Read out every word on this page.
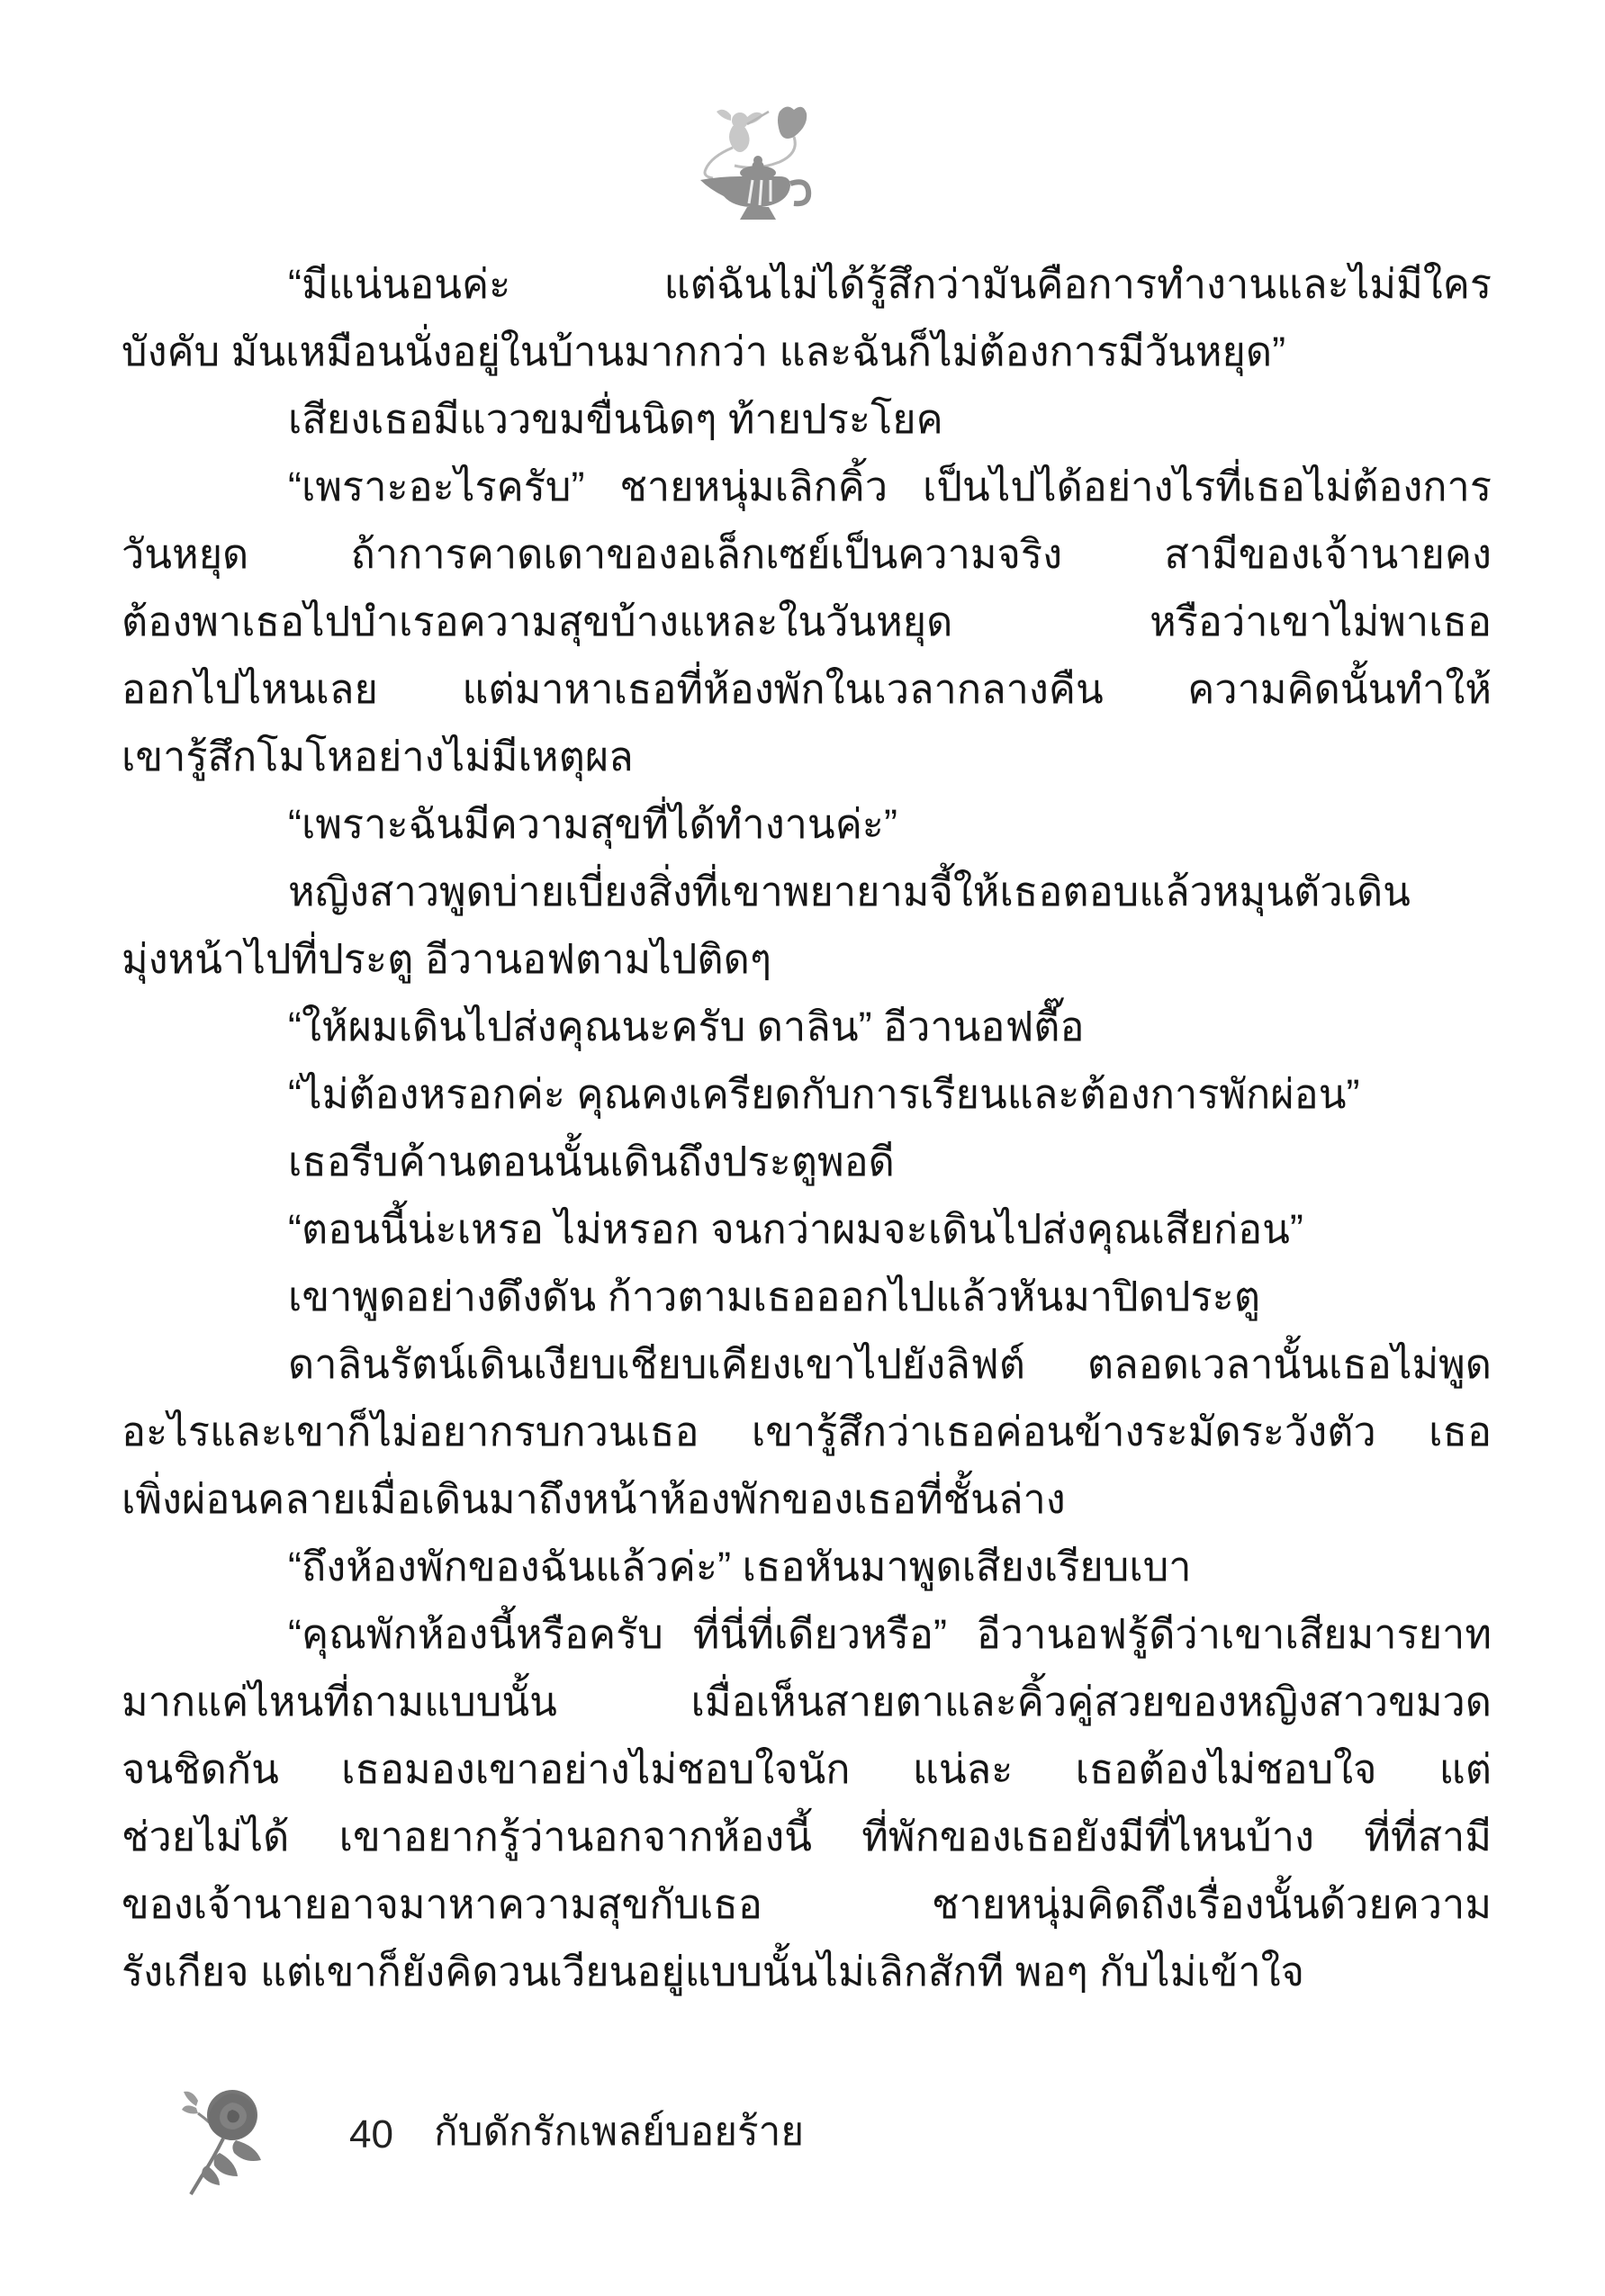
“มีแน่นอนค่ะ แต่ฉันไม่ได้รู้สึกว่ามันคือการทำงานและไม่มีใคร
บังคับ มันเหมือนนั่งอยู่ในบ้านมากกว่า และฉันก็ไม่ต้องการมีวันหยุด”
เสียงเธอมีแววขมขื่นนิดๆ ท้ายประโยค
“เพราะอะไรครับ” ชายหนุ่มเลิกคิ้ว เป็นไปได้อย่างไรที่เธอไม่ต้องการ
วันหยุด ถ้าการคาดเดาของอเล็กเซย์เป็นความจริง สามีของเจ้านายคง
ต้องพาเธอไปบำเรอความสุขบ้างแหละในวันหยุด หรือว่าเขาไม่พาเธอ
ออกไปไหนเลย แต่มาหาเธอที่ห้องพักในเวลากลางคืน ความคิดนั้นทำให้
เขารู้สึกโมโหอย่างไม่มีเหตุผล
“เพราะฉันมีความสุขที่ได้ทำงานค่ะ”
หญิงสาวพูดบ่ายเบี่ยงสิ่งที่เขาพยายามจี้ให้เธอตอบแล้วหมุนตัวเดิน
มุ่งหน้าไปที่ประตู อีวานอฟตามไปติดๆ
“ให้ผมเดินไปส่งคุณนะครับ ดาลิน” อีวานอฟตื๊อ
“ไม่ต้องหรอกค่ะ คุณคงเครียดกับการเรียนและต้องการพักผ่อน”
เธอรีบค้านตอนนั้นเดินถึงประตูพอดี
“ตอนนี้น่ะเหรอ ไม่หรอก จนกว่าผมจะเดินไปส่งคุณเสียก่อน”
เขาพูดอย่างดึงดัน ก้าวตามเธอออกไปแล้วหันมาปิดประตู
ดาลินรัตน์เดินเงียบเชียบเคียงเขาไปยังลิฟต์ ตลอดเวลานั้นเธอไม่พูด
อะไรและเขาก็ไม่อยากรบกวนเธอ เขารู้สึกว่าเธอค่อนข้างระมัดระวังตัว เธอ
เพิ่งผ่อนคลายเมื่อเดินมาถึงหน้าห้องพักของเธอที่ชั้นล่าง
“ถึงห้องพักของฉันแล้วค่ะ” เธอหันมาพูดเสียงเรียบเบา
“คุณพักห้องนี้หรือครับ ที่นี่ที่เดียวหรือ” อีวานอฟรู้ดีว่าเขาเสียมารยาท
มากแค่ไหนที่ถามแบบนั้น เมื่อเห็นสายตาและคิ้วคู่สวยของหญิงสาวขมวด
จนชิดกัน เธอมองเขาอย่างไม่ชอบใจนัก แน่ละ เธอต้องไม่ชอบใจ แต่
ช่วยไม่ได้ เขาอยากรู้ว่านอกจากห้องนี้ ที่พักของเธอยังมีที่ไหนบ้าง ที่ที่สามี
ของเจ้านายอาจมาหาความสุขกับเธอ ชายหนุ่มคิดถึงเรื่องนั้นด้วยความ
รังเกียจ แต่เขาก็ยังคิดวนเวียนอยู่แบบนั้นไม่เลิกสักที พอๆ กับไม่เข้าใจ
40 กับดักรักเพลย์บอยร้าย
